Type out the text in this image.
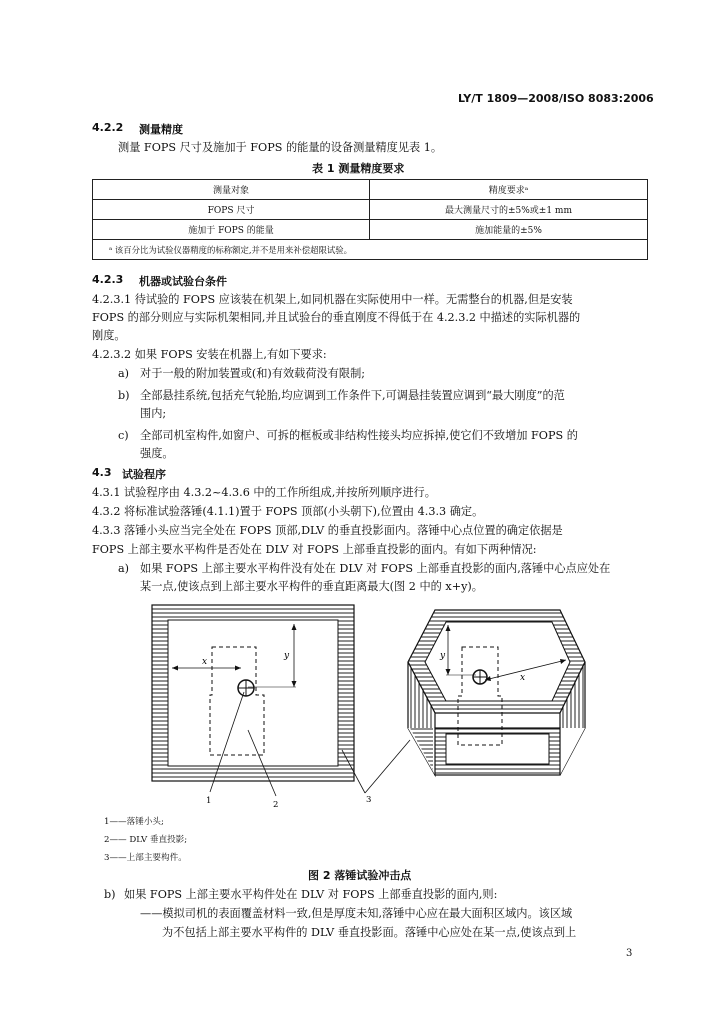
LY/T 1809—2008/ISO 8083:2006
4.2.2 测量精度
测量 FOPS 尺寸及施加于 FOPS 的能量的设备测量精度见表 1。
表 1 测量精度要求
测量对象	精度要求ᵃ
FOPS 尺寸	最大测量尺寸的±5%或±1 mm
施加于 FOPS 的能量	施加能量的±5%
ᵃ 该百分比为试验仪器精度的标称额定,并不是用来补偿超限试验。	
4.2.3 机器或试验台条件
4.2.3.1 待试验的 FOPS 应该装在机架上,如同机器在实际使用中一样。无需整台的机器,但是安装
FOPS 的部分则应与实际机架相同,并且试验台的垂直刚度不得低于在 4.2.3.2 中描述的实际机器的
刚度。
4.2.3.2 如果 FOPS 安装在机器上,有如下要求:
a) 对于一般的附加装置或(和)有效载荷没有限制;
b) 全部悬挂系统,包括充气轮胎,均应调到工作条件下,可调悬挂装置应调到“最大刚度”的范
围内;
c) 全部司机室构件,如窗户、可拆的框板或非结构性接头均应拆掉,使它们不致增加 FOPS 的
强度。
4.3 试验程序
4.3.1 试验程序由 4.3.2~4.3.6 中的工作所组成,并按所列顺序进行。
4.3.2 将标准试验落锤(4.1.1)置于 FOPS 顶部(小头朝下),位置由 4.3.3 确定。
4.3.3 落锤小头应当完全处在 FOPS 顶部,DLV 的垂直投影面内。落锤中心点位置的确定依据是
FOPS 上部主要水平构件是否处在 DLV 对 FOPS 上部垂直投影的面内。有如下两种情况:
a) 如果 FOPS 上部主要水平构件没有处在 DLV 对 FOPS 上部垂直投影的面内,落锤中心点应处在
某一点,使该点到上部主要水平构件的垂直距离最大(图 2 中的 x+y)。
x
y	y
x
1	2	3
1——落锤小头;
2—— DLV 垂直投影;
3——上部主要构件。
图 2 落锤试验冲击点
b) 如果 FOPS 上部主要水平构件处在 DLV 对 FOPS 上部垂直投影的面内,则:
——模拟司机的表面覆盖材料一致,但是厚度未知,落锤中心应在最大面积区域内。该区域
为不包括上部主要水平构件的 DLV 垂直投影面。落锤中心应处在某一点,使该点到上
3
